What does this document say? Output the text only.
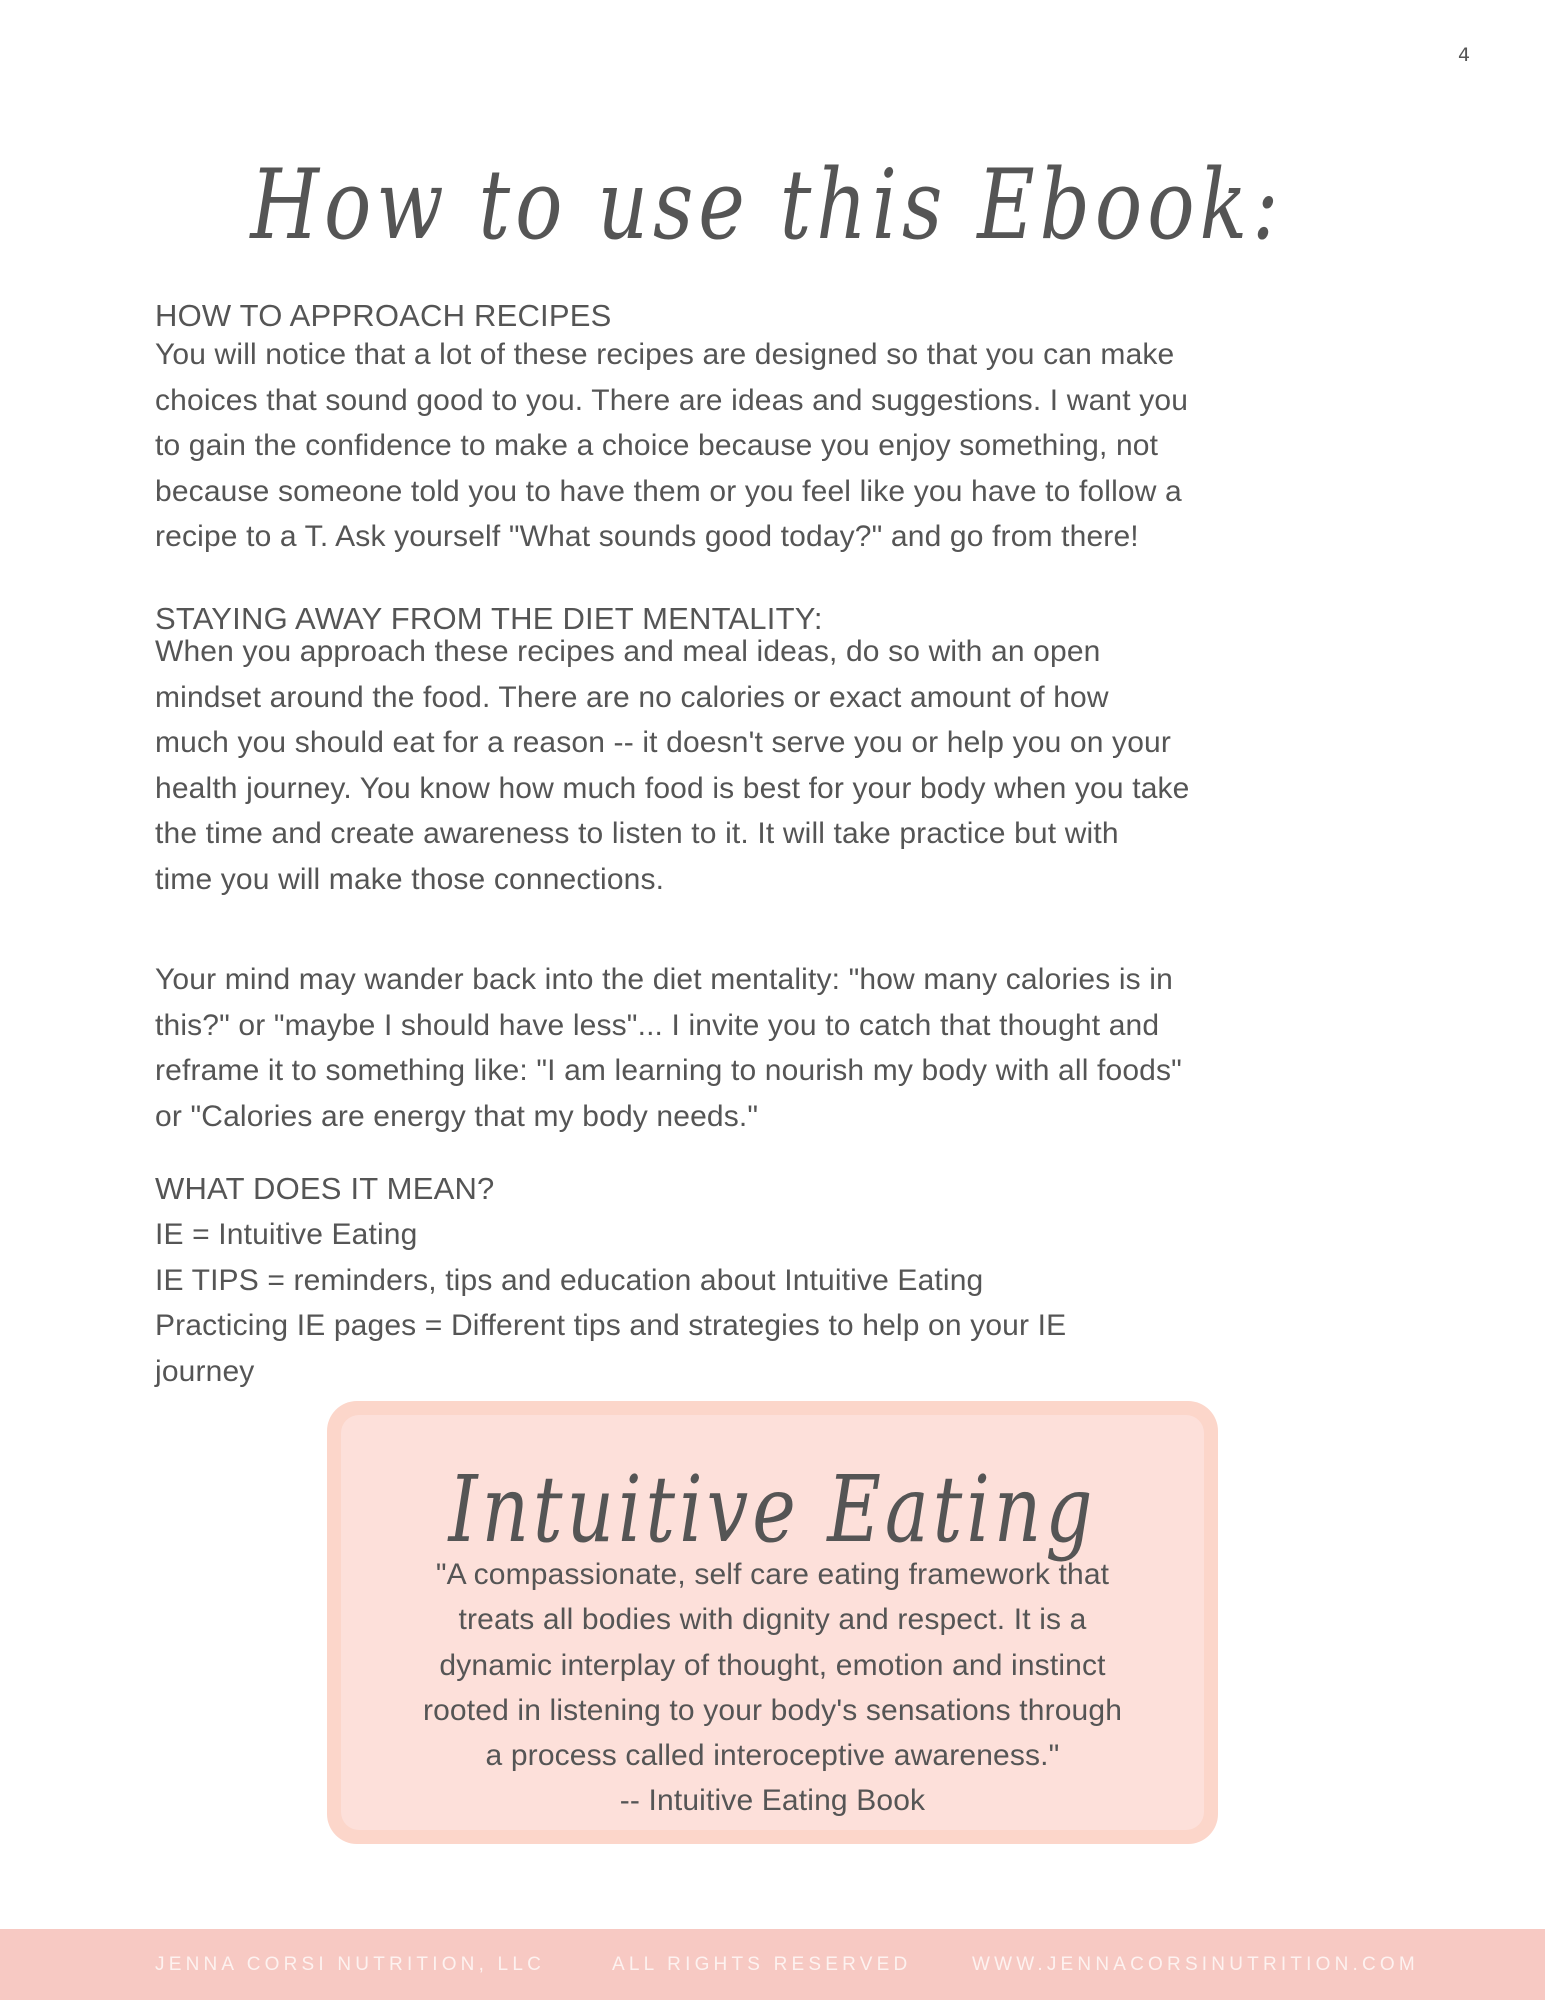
4
How to use this Ebook:
HOW TO APPROACH RECIPES
You will notice that a lot of these recipes are designed so that you can make
choices that sound good to you. There are ideas and suggestions. I want you
to gain the confidence to make a choice because you enjoy something, not
because someone told you to have them or you feel like you have to follow a
recipe to a T. Ask yourself "What sounds good today?" and go from there!
STAYING AWAY FROM THE DIET MENTALITY:
When you approach these recipes and meal ideas, do so with an open
mindset around the food. There are no calories or exact amount of how
much you should eat for a reason -- it doesn't serve you or help you on your
health journey. You know how much food is best for your body when you take
the time and create awareness to listen to it. It will take practice but with
time you will make those connections.
Your mind may wander back into the diet mentality: "how many calories is in
this?" or "maybe I should have less"... I invite you to catch that thought and
reframe it to something like: "I am learning to nourish my body with all foods"
or "Calories are energy that my body needs."
WHAT DOES IT MEAN?
IE = Intuitive Eating
IE TIPS = reminders, tips and education about Intuitive Eating
Practicing IE pages = Different tips and strategies to help on your IE
journey
Intuitive Eating
"A compassionate, self care eating framework that
treats all bodies with dignity and respect. It is a
dynamic interplay of thought, emotion and instinct
rooted in listening to your body's sensations through
a process called interoceptive awareness."
-- Intuitive Eating Book
JENNA CORSI NUTRITION, LLC	ALL RIGHTS RESERVED	WWW.JENNACORSINUTRITION.COM
